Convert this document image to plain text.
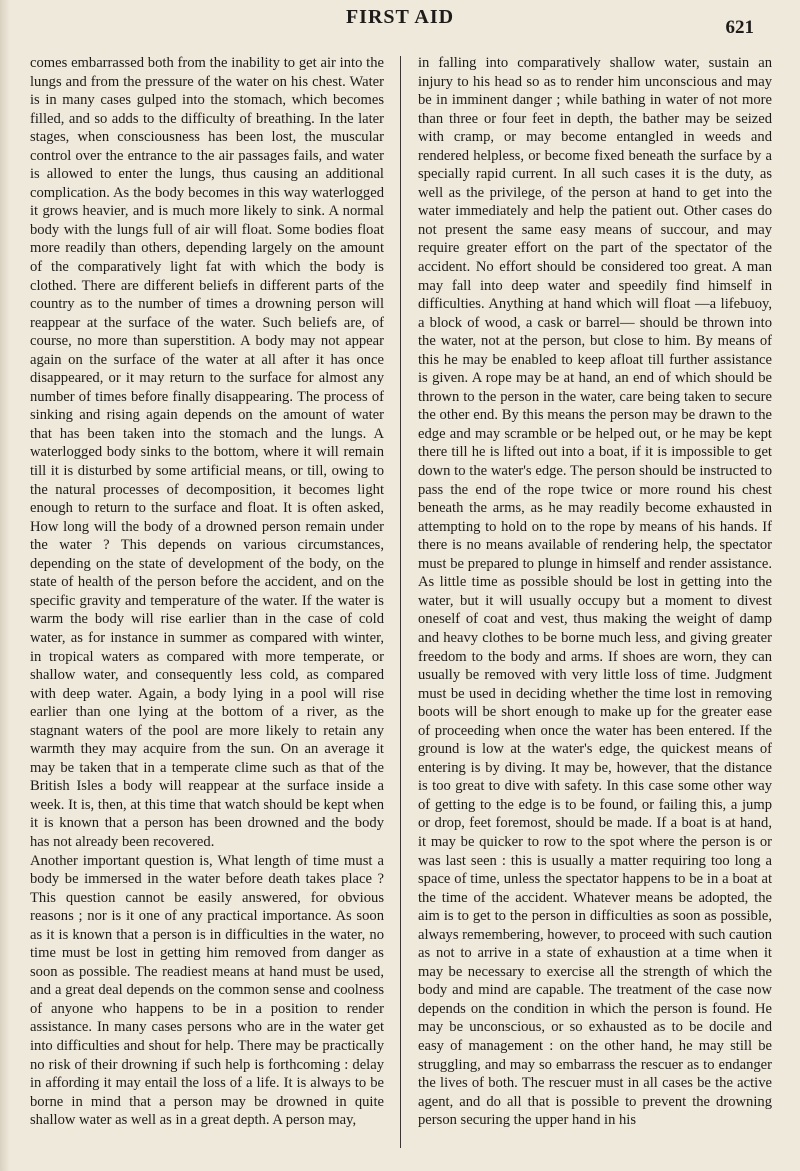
FIRST AID	621

comes embarrassed both from the inability to get air into the lungs and from the pressure of the water on his chest. Water is in many cases gulped into the stomach, which becomes filled, and so adds to the difficulty of breathing. In the later stages, when consciousness has been lost, the muscular control over the entrance to the air passages fails, and water is allowed to enter the lungs, thus causing an additional complication. As the body becomes in this way waterlogged it grows heavier, and is much more likely to sink. A normal body with the lungs full of air will float. Some bodies float more readily than others, depending largely on the amount of the comparatively light fat with which the body is clothed. There are different beliefs in different parts of the country as to the number of times a drowning person will reappear at the surface of the water. Such beliefs are, of course, no more than superstition. A body may not appear again on the surface of the water at all after it has once disappeared, or it may return to the surface for almost any number of times before finally disappearing. The process of sinking and rising again depends on the amount of water that has been taken into the stomach and the lungs. A waterlogged body sinks to the bottom, where it will remain till it is disturbed by some artificial means, or till, owing to the natural processes of decomposition, it becomes light enough to return to the surface and float. It is often asked, How long will the body of a drowned person remain under the water ? This depends on various circumstances, depending on the state of development of the body, on the state of health of the person before the accident, and on the specific gravity and temperature of the water. If the water is warm the body will rise earlier than in the case of cold water, as for instance in summer as compared with winter, in tropical waters as compared with more temperate, or shallow water, and consequently less cold, as compared with deep water. Again, a body lying in a pool will rise earlier than one lying at the bottom of a river, as the stagnant waters of the pool are more likely to retain any warmth they may acquire from the sun. On an average it may be taken that in a temperate clime such as that of the British Isles a body will reappear at the surface inside a week. It is, then, at this time that watch should be kept when it is known that a person has been drowned and the body has not already been recovered.
Another important question is, What length of time must a body be immersed in the water before death takes place ? This question cannot be easily answered, for obvious reasons ; nor is it one of any practical importance. As soon as it is known that a person is in difficulties in the water, no time must be lost in getting him removed from danger as soon as possible. The readiest means at hand must be used, and a great deal depends on the common sense and coolness of anyone who happens to be in a position to render assistance. In many cases persons who are in the water get into difficulties and shout for help. There may be practically no risk of their drowning if such help is forthcoming : delay in affording it may entail the loss of a life. It is always to be borne in mind that a person may be drowned in quite shallow water as well as in a great depth. A person may,

in falling into comparatively shallow water, sustain an injury to his head so as to render him unconscious and may be in imminent danger ; while bathing in water of not more than three or four feet in depth, the bather may be seized with cramp, or may become entangled in weeds and rendered helpless, or become fixed beneath the surface by a specially rapid current. In all such cases it is the duty, as well as the privilege, of the person at hand to get into the water immediately and help the patient out. Other cases do not present the same easy means of succour, and may require greater effort on the part of the spectator of the accident. No effort should be considered too great. A man may fall into deep water and speedily find himself in difficulties. Anything at hand which will float —a lifebuoy, a block of wood, a cask or barrel— should be thrown into the water, not at the person, but close to him. By means of this he may be enabled to keep afloat till further assistance is given. A rope may be at hand, an end of which should be thrown to the person in the water, care being taken to secure the other end. By this means the person may be drawn to the edge and may scramble or be helped out, or he may be kept there till he is lifted out into a boat, if it is impossible to get down to the water's edge. The person should be instructed to pass the end of the rope twice or more round his chest beneath the arms, as he may readily become exhausted in attempting to hold on to the rope by means of his hands. If there is no means available of rendering help, the spectator must be prepared to plunge in himself and render assistance. As little time as possible should be lost in getting into the water, but it will usually occupy but a moment to divest oneself of coat and vest, thus making the weight of damp and heavy clothes to be borne much less, and giving greater freedom to the body and arms. If shoes are worn, they can usually be removed with very little loss of time. Judgment must be used in deciding whether the time lost in removing boots will be short enough to make up for the greater ease of proceeding when once the water has been entered. If the ground is low at the water's edge, the quickest means of entering is by diving. It may be, however, that the distance is too great to dive with safety. In this case some other way of getting to the edge is to be found, or failing this, a jump or drop, feet foremost, should be made. If a boat is at hand, it may be quicker to row to the spot where the person is or was last seen : this is usually a matter requiring too long a space of time, unless the spectator happens to be in a boat at the time of the accident. Whatever means be adopted, the aim is to get to the person in difficulties as soon as possible, always remembering, however, to proceed with such caution as not to arrive in a state of exhaustion at a time when it may be necessary to exercise all the strength of which the body and mind are capable. The treatment of the case now depends on the condition in which the person is found. He may be unconscious, or so exhausted as to be docile and easy of management : on the other hand, he may still be struggling, and may so embarrass the rescuer as to endanger the lives of both. The rescuer must in all cases be the active agent, and do all that is possible to prevent the drowning person securing the upper hand in his
